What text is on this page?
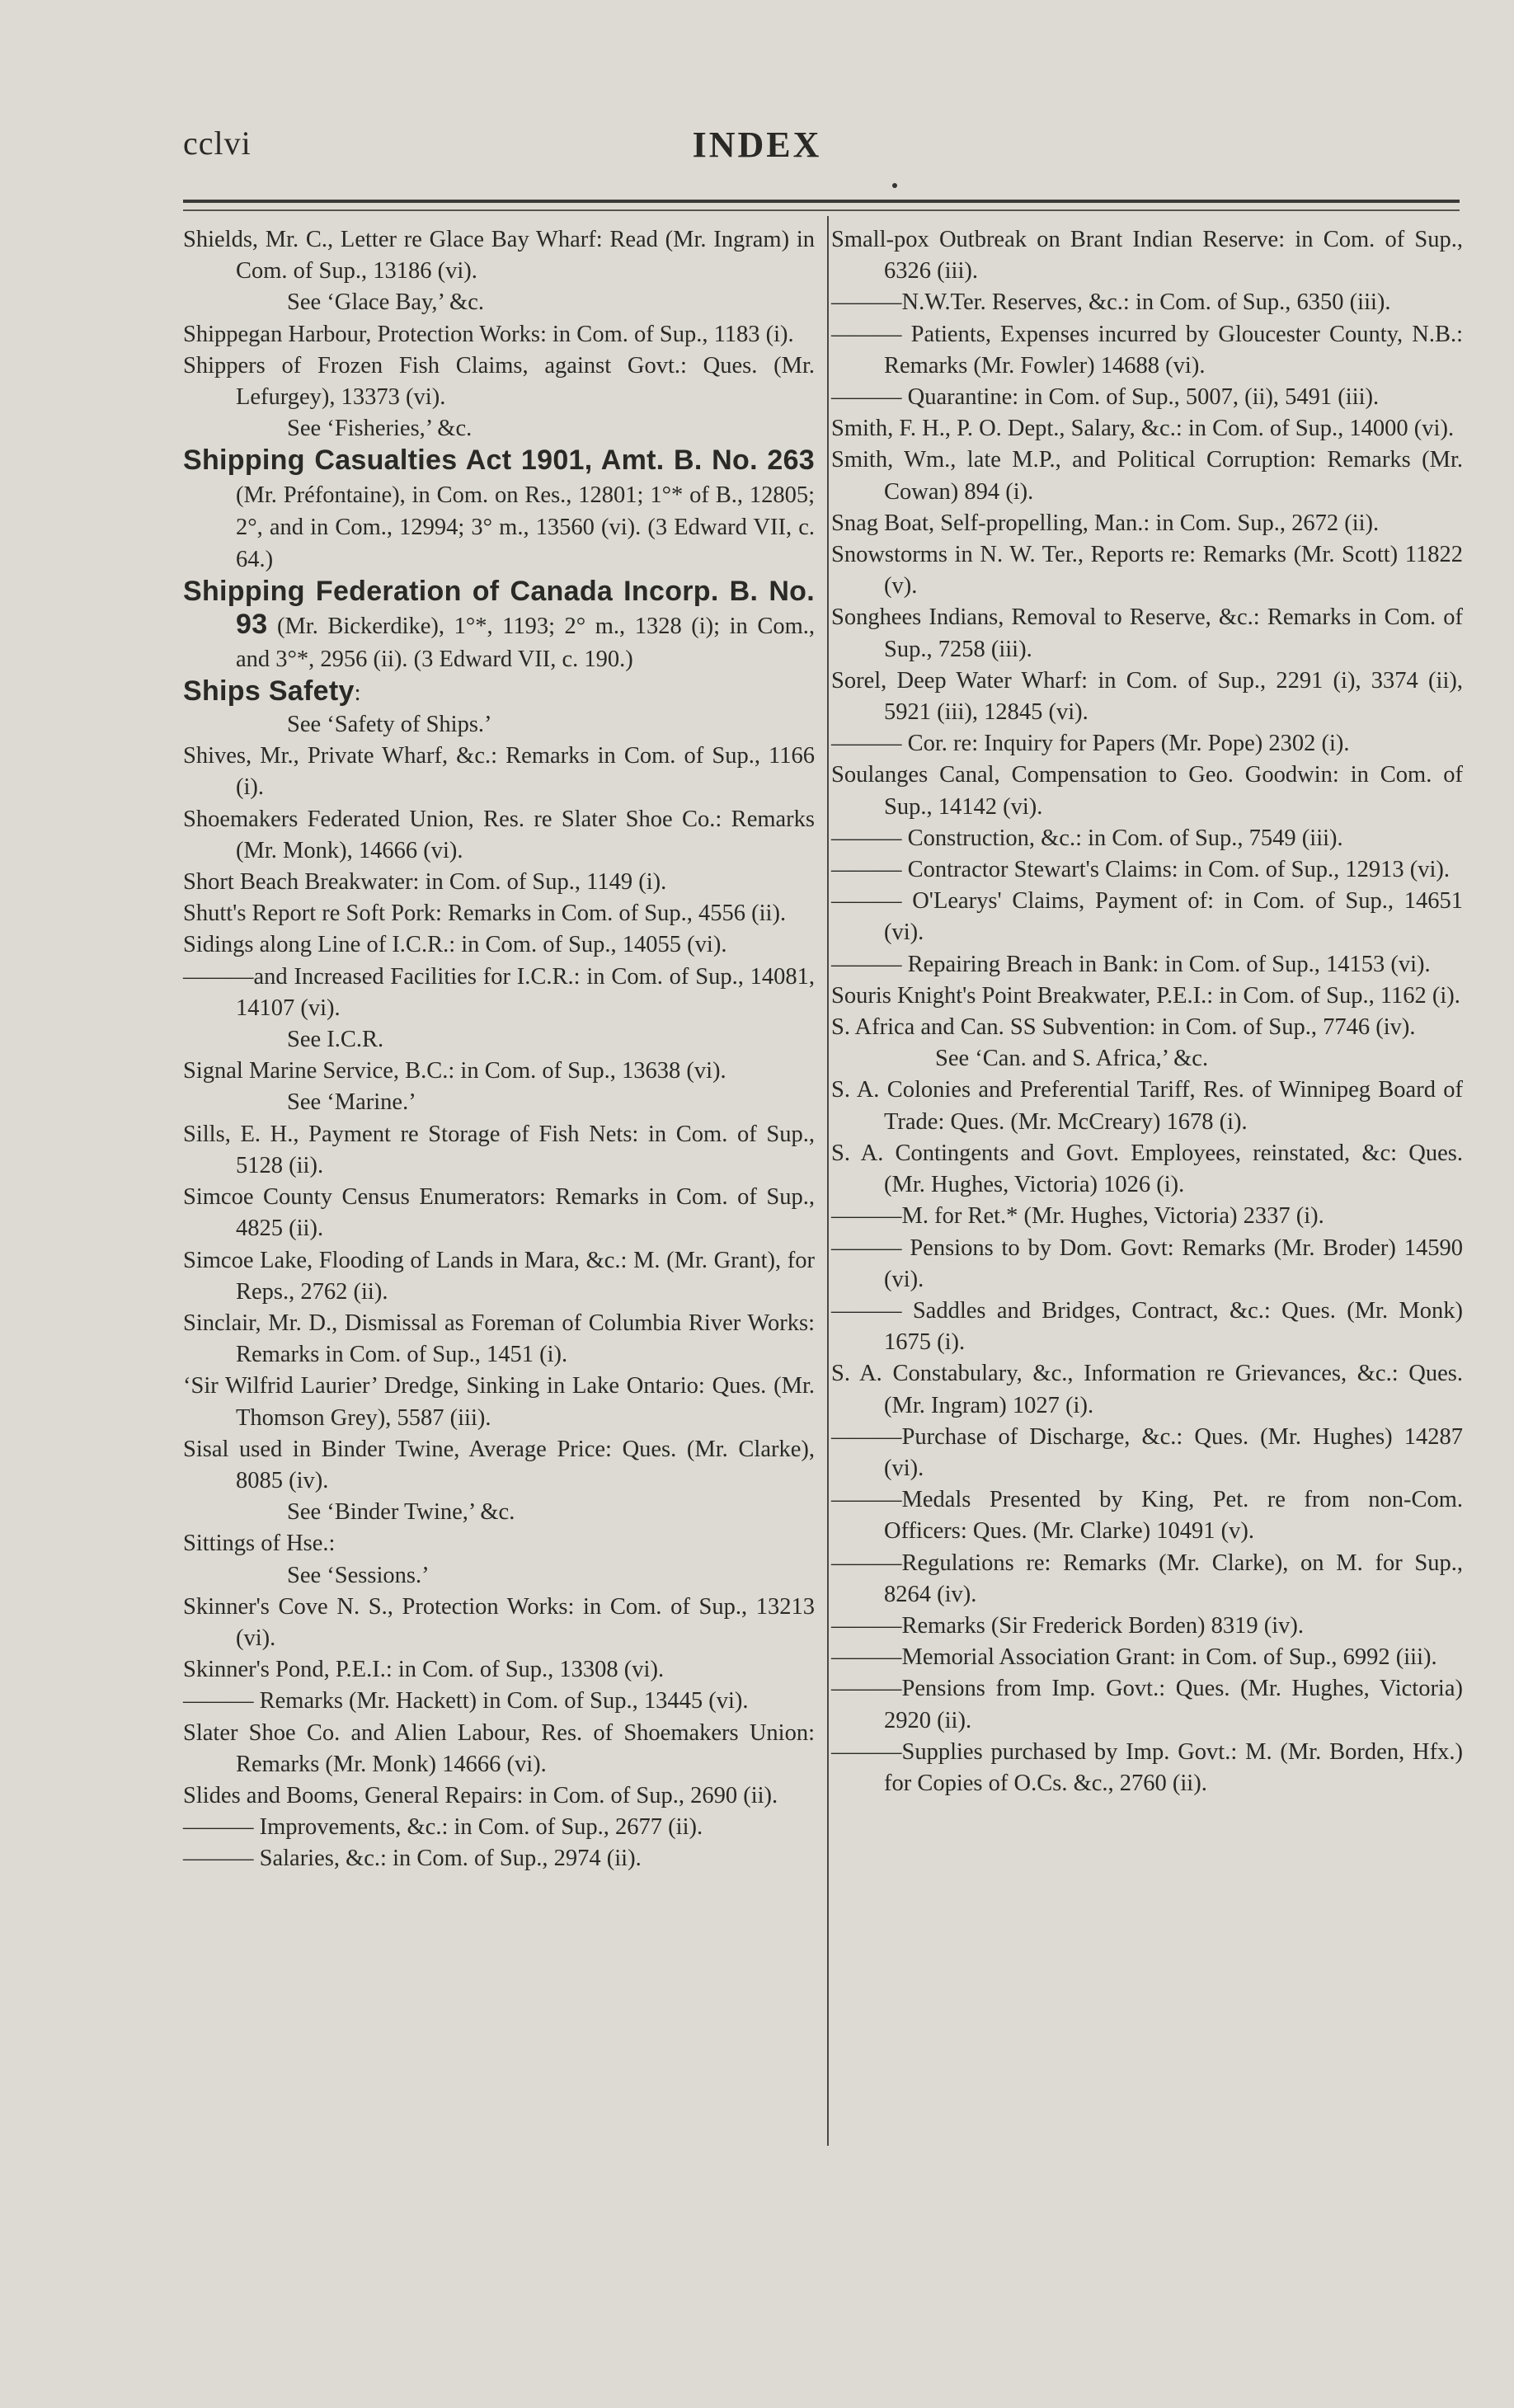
cclvi	INDEX
Shields, Mr. C., Letter re Glace Bay Wharf: Read (Mr. Ingram) in Com. of Sup., 13186 (vi).
See ‘Glace Bay,’ &c.
Shippegan Harbour, Protection Works: in Com. of Sup., 1183 (i).
Shippers of Frozen Fish Claims, against Govt.: Ques. (Mr. Lefurgey), 13373 (vi).
See ‘Fisheries,’ &c.
Shipping Casualties Act 1901, Amt. B. No. 263 (Mr. Préfontaine), in Com. on Res., 12801; 1°* of B., 12805; 2°, and in Com., 12994; 3° m., 13560 (vi). (3 Edward VII, c. 64.)
Shipping Federation of Canada Incorp. B. No. 93 (Mr. Bickerdike), 1°*, 1193; 2° m., 1328 (i); in Com., and 3°*, 2956 (ii). (3 Edward VII, c. 190.)
Ships Safety:
See ‘Safety of Ships.’
Shives, Mr., Private Wharf, &c.: Remarks in Com. of Sup., 1166 (i).
Shoemakers Federated Union, Res. re Slater Shoe Co.: Remarks (Mr. Monk), 14666 (vi).
Short Beach Breakwater: in Com. of Sup., 1149 (i).
Shutt's Report re Soft Pork: Remarks in Com. of Sup., 4556 (ii).
Sidings along Line of I.C.R.: in Com. of Sup., 14055 (vi).
———and Increased Facilities for I.C.R.: in Com. of Sup., 14081, 14107 (vi).
See I.C.R.
Signal Marine Service, B.C.: in Com. of Sup., 13638 (vi).
See ‘Marine.’
Sills, E. H., Payment re Storage of Fish Nets: in Com. of Sup., 5128 (ii).
Simcoe County Census Enumerators: Remarks in Com. of Sup., 4825 (ii).
Simcoe Lake, Flooding of Lands in Mara, &c.: M. (Mr. Grant), for Reps., 2762 (ii).
Sinclair, Mr. D., Dismissal as Foreman of Columbia River Works: Remarks in Com. of Sup., 1451 (i).
‘Sir Wilfrid Laurier’ Dredge, Sinking in Lake Ontario: Ques. (Mr. Thomson Grey), 5587 (iii).
Sisal used in Binder Twine, Average Price: Ques. (Mr. Clarke), 8085 (iv).
See ‘Binder Twine,’ &c.
Sittings of Hse.:
See ‘Sessions.’
Skinner's Cove N. S., Protection Works: in Com. of Sup., 13213 (vi).
Skinner's Pond, P.E.I.: in Com. of Sup., 13308 (vi).
——— Remarks (Mr. Hackett) in Com. of Sup., 13445 (vi).
Slater Shoe Co. and Alien Labour, Res. of Shoemakers Union: Remarks (Mr. Monk) 14666 (vi).
Slides and Booms, General Repairs: in Com. of Sup., 2690 (ii).
——— Improvements, &c.: in Com. of Sup., 2677 (ii).
——— Salaries, &c.: in Com. of Sup., 2974 (ii).
Small-pox Outbreak on Brant Indian Reserve: in Com. of Sup., 6326 (iii).
———N.W.Ter. Reserves, &c.: in Com. of Sup., 6350 (iii).
——— Patients, Expenses incurred by Gloucester County, N.B.: Remarks (Mr. Fowler) 14688 (vi).
——— Quarantine: in Com. of Sup., 5007, (ii), 5491 (iii).
Smith, F. H., P. O. Dept., Salary, &c.: in Com. of Sup., 14000 (vi).
Smith, Wm., late M.P., and Political Corruption: Remarks (Mr. Cowan) 894 (i).
Snag Boat, Self-propelling, Man.: in Com. Sup., 2672 (ii).
Snowstorms in N. W. Ter., Reports re: Remarks (Mr. Scott) 11822 (v).
Songhees Indians, Removal to Reserve, &c.: Remarks in Com. of Sup., 7258 (iii).
Sorel, Deep Water Wharf: in Com. of Sup., 2291 (i), 3374 (ii), 5921 (iii), 12845 (vi).
——— Cor. re: Inquiry for Papers (Mr. Pope) 2302 (i).
Soulanges Canal, Compensation to Geo. Goodwin: in Com. of Sup., 14142 (vi).
——— Construction, &c.: in Com. of Sup., 7549 (iii).
——— Contractor Stewart's Claims: in Com. of Sup., 12913 (vi).
——— O'Learys' Claims, Payment of: in Com. of Sup., 14651 (vi).
——— Repairing Breach in Bank: in Com. of Sup., 14153 (vi).
Souris Knight's Point Breakwater, P.E.I.: in Com. of Sup., 1162 (i).
S. Africa and Can. SS Subvention: in Com. of Sup., 7746 (iv).
See ‘Can. and S. Africa,’ &c.
S. A. Colonies and Preferential Tariff, Res. of Winnipeg Board of Trade: Ques. (Mr. McCreary) 1678 (i).
S. A. Contingents and Govt. Employees, reinstated, &c: Ques. (Mr. Hughes, Victoria) 1026 (i).
———M. for Ret.* (Mr. Hughes, Victoria) 2337 (i).
——— Pensions to by Dom. Govt: Remarks (Mr. Broder) 14590 (vi).
——— Saddles and Bridges, Contract, &c.: Ques. (Mr. Monk) 1675 (i).
S. A. Constabulary, &c., Information re Grievances, &c.: Ques. (Mr. Ingram) 1027 (i).
———Purchase of Discharge, &c.: Ques. (Mr. Hughes) 14287 (vi).
———Medals Presented by King, Pet. re from non-Com. Officers: Ques. (Mr. Clarke) 10491 (v).
———Regulations re: Remarks (Mr. Clarke), on M. for Sup., 8264 (iv).
———Remarks (Sir Frederick Borden) 8319 (iv).
———Memorial Association Grant: in Com. of Sup., 6992 (iii).
———Pensions from Imp. Govt.: Ques. (Mr. Hughes, Victoria) 2920 (ii).
———Supplies purchased by Imp. Govt.: M. (Mr. Borden, Hfx.) for Copies of O.Cs. &c., 2760 (ii).
